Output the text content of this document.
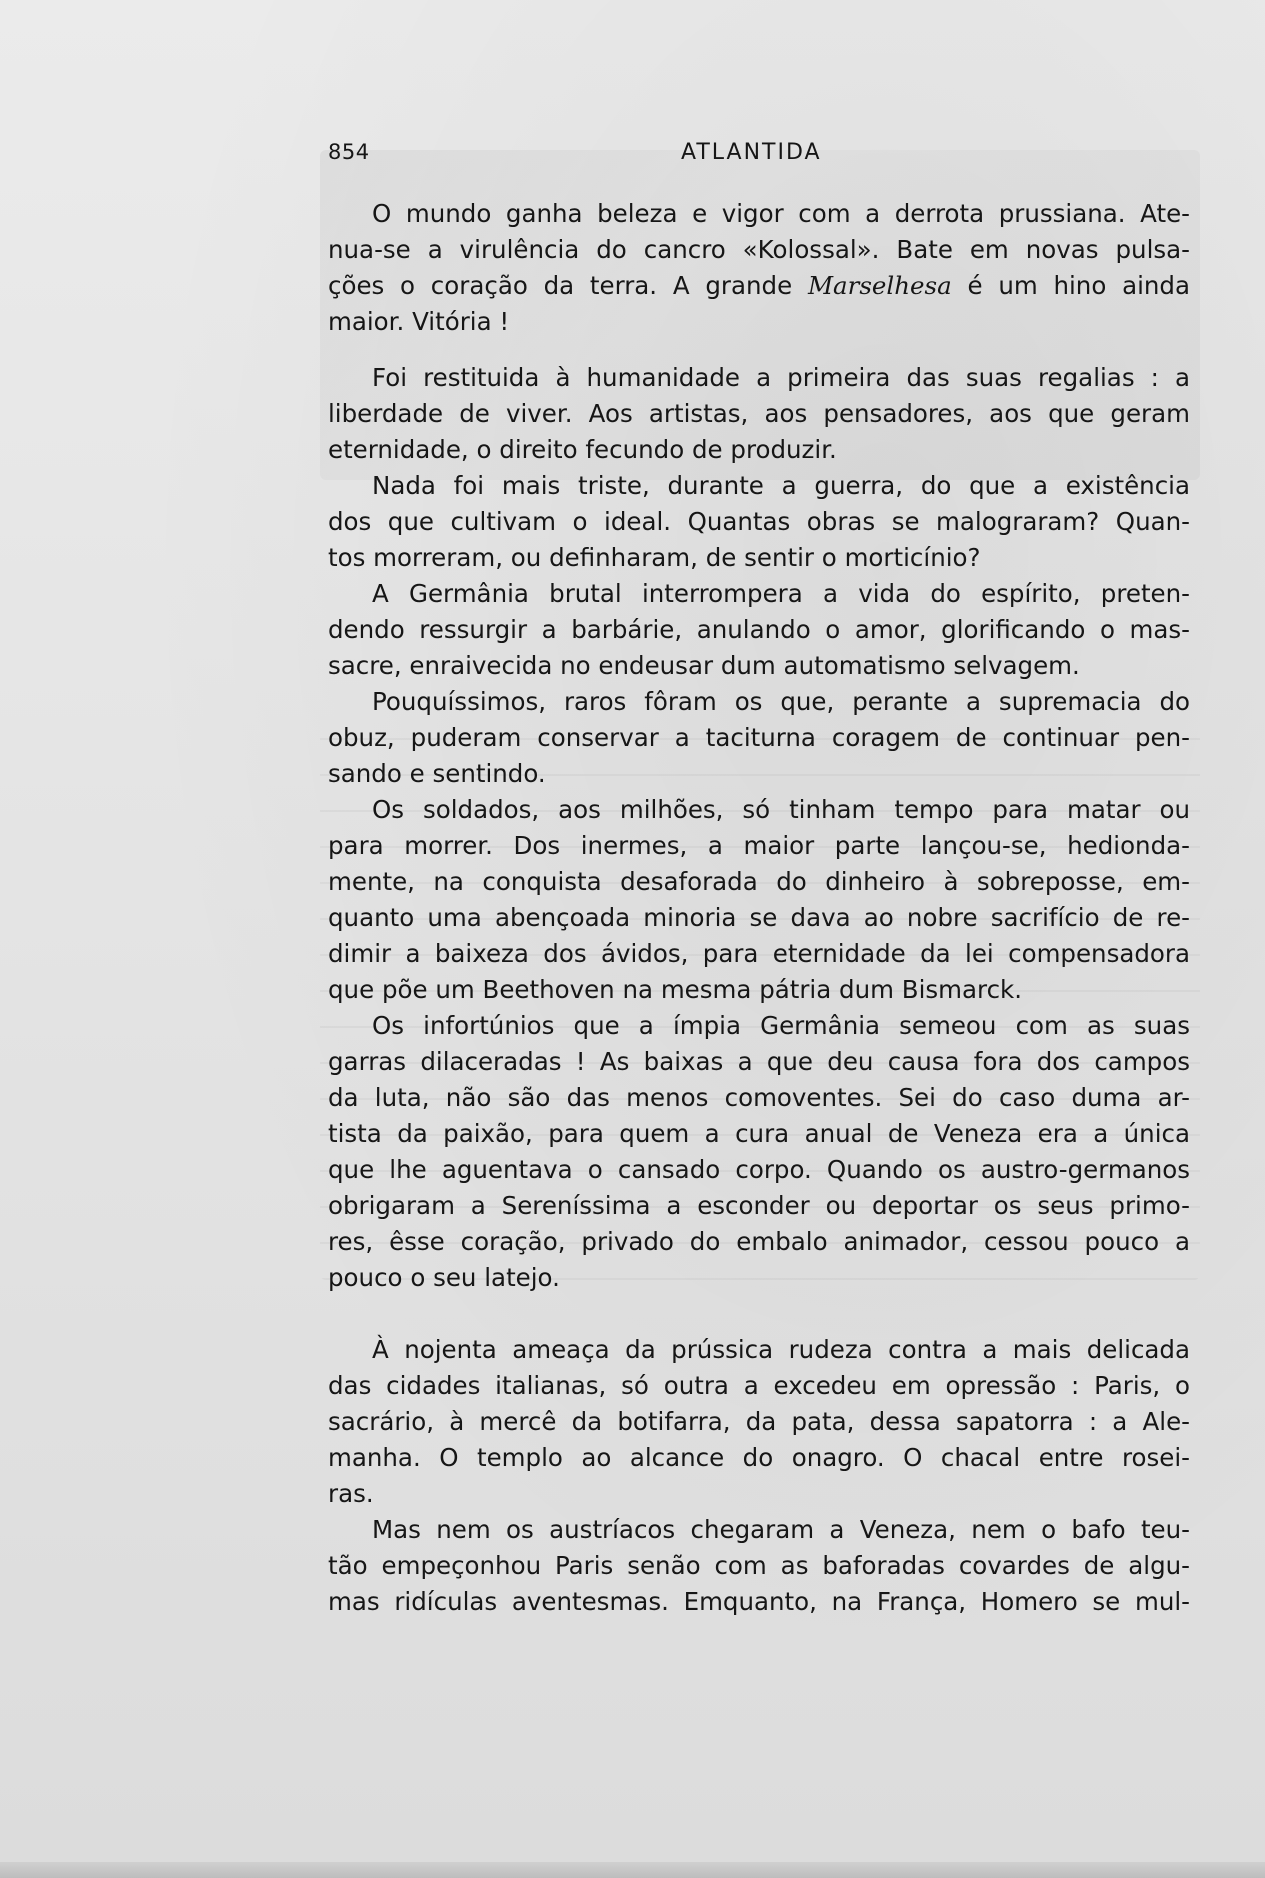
854	ATLANTIDA
O mundo ganha beleza e vigor com a derrota prussiana. Ate-
nua-se a virulência do cancro «Kolossal». Bate em novas pulsa-
ções o coração da terra. A grande Marselhesa é um hino ainda
maior. Vitória !
Foi restituida à humanidade a primeira das suas regalias : a
liberdade de viver. Aos artistas, aos pensadores, aos que geram
eternidade, o direito fecundo de produzir.
Nada foi mais triste, durante a guerra, do que a existência
dos que cultivam o ideal. Quantas obras se malograram? Quan-
tos morreram, ou definharam, de sentir o morticínio?
A Germânia brutal interrompera a vida do espírito, preten-
dendo ressurgir a barbárie, anulando o amor, glorificando o mas-
sacre, enraivecida no endeusar dum automatismo selvagem.
Pouquíssimos, raros fôram os que, perante a supremacia do
obuz, puderam conservar a taciturna coragem de continuar pen-
sando e sentindo.
Os soldados, aos milhões, só tinham tempo para matar ou
para morrer. Dos inermes, a maior parte lançou-se, hedionda-
mente, na conquista desaforada do dinheiro à sobreposse, em-
quanto uma abençoada minoria se dava ao nobre sacrifício de re-
dimir a baixeza dos ávidos, para eternidade da lei compensadora
que põe um Beethoven na mesma pátria dum Bismarck.
Os infortúnios que a ímpia Germânia semeou com as suas
garras dilaceradas ! As baixas a que deu causa fora dos campos
da luta, não são das menos comoventes. Sei do caso duma ar-
tista da paixão, para quem a cura anual de Veneza era a única
que lhe aguentava o cansado corpo. Quando os austro-germanos
obrigaram a Sereníssima a esconder ou deportar os seus primo-
res, êsse coração, privado do embalo animador, cessou pouco a
pouco o seu latejo.
À nojenta ameaça da prússica rudeza contra a mais delicada
das cidades italianas, só outra a excedeu em opressão : Paris, o
sacrário, à mercê da botifarra, da pata, dessa sapatorra : a Ale-
manha. O templo ao alcance do onagro. O chacal entre rosei-
ras.
Mas nem os austríacos chegaram a Veneza, nem o bafo teu-
tão empeçonhou Paris senão com as baforadas covardes de algu-
mas ridículas aventesmas. Emquanto, na França, Homero se mul-
